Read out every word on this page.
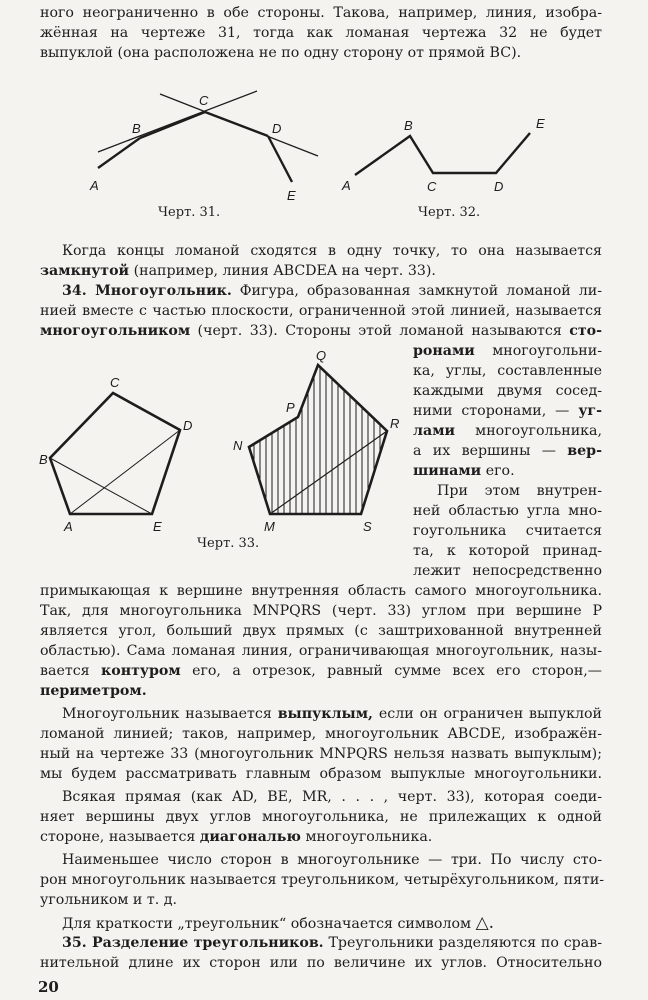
ного неограниченно в обе стороны. Такова, например, линия, изобра-
жённая на чертеже 31, тогда как ломаная чертежа 32 не будет
выпуклой (она расположена не по одну сторону от прямой BC).
A
B
C
D
E
A
B
C	D
E
Черт. 31.	Черт. 32.
Когда концы ломаной сходятся в одну точку, то она называется
замкнутой (например, линия ABCDEA на черт. 33).
34. Многоугольник. Фигура, образованная замкнутой ломаной ли-
нией вместе с частью плоскости, ограниченной этой линией, называется
многоугольником (черт. 33). Стороны этой ломаной называются сто-
A
B
C
D
E	M
N
P
Q
R
S
Черт. 33.
ронами многоугольни-
ка, углы, составленные
каждыми двумя сосед-
ними сторонами, — уг-
лами многоугольника,
а их вершины — вер-
шинами его.
При этом внутрен-
ней областью угла мно-
гоугольника считается
та, к которой принад-
лежит непосредственно
примыкающая к вершине внутренняя область самого многоугольника.
Так, для многоугольника MNPQRS (черт. 33) углом при вершине P
является угол, больший двух прямых (с заштрихованной внутренней
областью). Сама ломаная линия, ограничивающая многоугольник, назы-
вается контуром его, а отрезок, равный сумме всех его сторон,—
периметром.
Многоугольник называется выпуклым, если он ограничен выпуклой
ломаной линией; таков, например, многоугольник ABCDE, изображён-
ный на чертеже 33 (многоугольник MNPQRS нельзя назвать выпуклым);
мы будем рассматривать главным образом выпуклые многоугольники.
Всякая прямая (как AD, BE, MR, . . . , черт. 33), которая соеди-
няет вершины двух углов многоугольника, не прилежащих к одной
стороне, называется диагональю многоугольника.
Наименьшее число сторон в многоугольнике — три. По числу сто-
рон многоугольник называется треугольником, четырёхугольником, пяти-
угольником и т. д.
Для краткости „треугольник“ обозначается символом △.
35. Разделение треугольников. Треугольники разделяются по срав-
нительной длине их сторон или по величине их углов. Относительно
20
